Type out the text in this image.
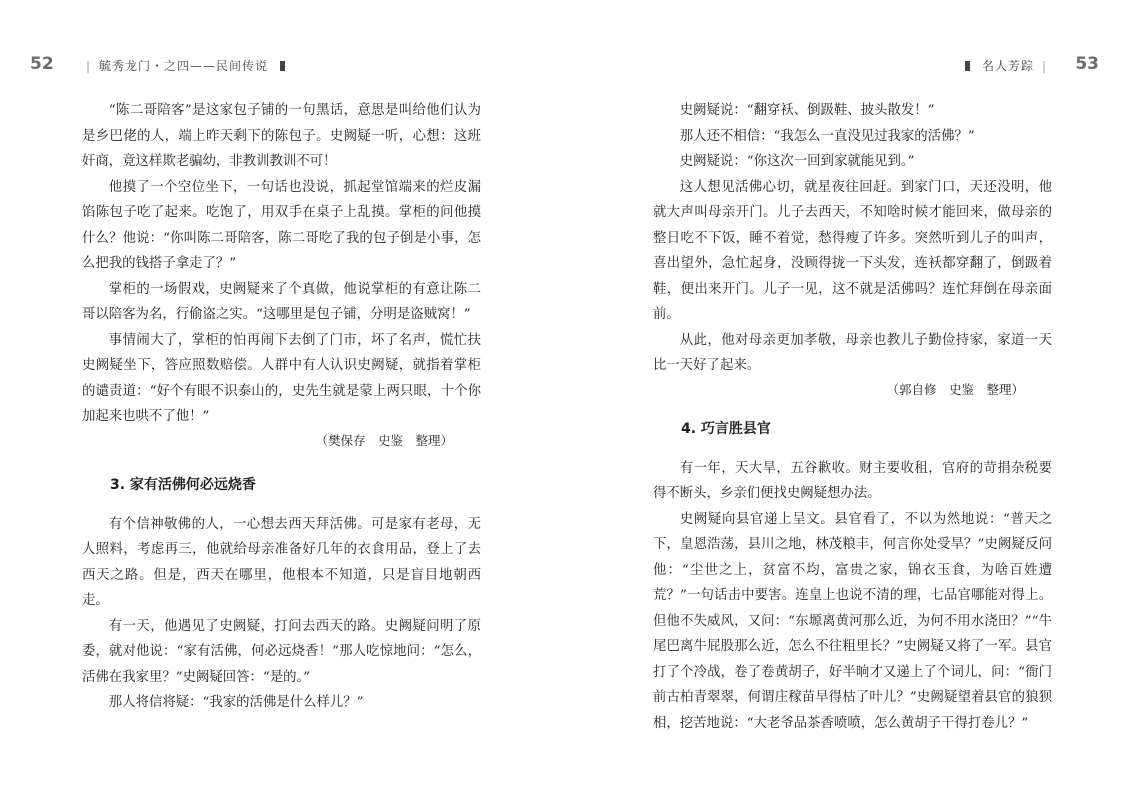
52	| 毓秀龙门・之四——民间传说

“陈二哥陪客”是这家包子铺的一句黑话，意思是叫给他们认为是乡巴佬的人，端上昨天剩下的陈包子。史阙疑一听，心想：这班奸商，竟这样欺老骗幼，非教训教训不可！

他摸了一个空位坐下，一句话也没说，抓起堂馆端来的烂皮漏馅陈包子吃了起来。吃饱了，用双手在桌子上乱摸。掌柜的问他摸什么？他说：“你叫陈二哥陪客，陈二哥吃了我的包子倒是小事，怎么把我的钱搭子拿走了？”

掌柜的一场假戏，史阙疑来了个真做，他说掌柜的有意让陈二哥以陪客为名，行偷盗之实。“这哪里是包子铺，分明是盗贼窝！”

事情闹大了，掌柜的怕再闹下去倒了门市，坏了名声，慌忙扶史阙疑坐下，答应照数赔偿。人群中有人认识史阙疑，就指着掌柜的谴责道：“好个有眼不识泰山的，史先生就是蒙上两只眼，十个你加起来也哄不了他！”

（樊保存　史鉴　整理）

3. 家有活佛何必远烧香

有个信神敬佛的人，一心想去西天拜活佛。可是家有老母，无人照料，考虑再三，他就给母亲准备好几年的衣食用品，登上了去西天之路。但是，西天在哪里，他根本不知道，只是盲目地朝西走。

有一天，他遇见了史阙疑，打问去西天的路。史阙疑问明了原委，就对他说：“家有活佛，何必远烧香！”那人吃惊地问：“怎么，活佛在我家里？”史阙疑回答：“是的。”

那人将信将疑：“我家的活佛是什么样儿？”

名人芳踪 |	53

史阙疑说：“翻穿袄、倒趿鞋、披头散发！”

那人还不相信：“我怎么一直没见过我家的活佛？”

史阙疑说：“你这次一回到家就能见到。”

这人想见活佛心切，就星夜往回赶。到家门口，天还没明，他就大声叫母亲开门。儿子去西天，不知啥时候才能回来，做母亲的整日吃不下饭，睡不着觉，愁得瘦了许多。突然听到儿子的叫声，喜出望外，急忙起身，没顾得拢一下头发，连袄都穿翻了，倒趿着鞋，便出来开门。儿子一见，这不就是活佛吗？连忙拜倒在母亲面前。

从此，他对母亲更加孝敬，母亲也教儿子勤俭持家，家道一天比一天好了起来。

（郭自修　史鉴　整理）

4. 巧言胜县官

有一年，天大旱，五谷歉收。财主要收租，官府的苛捐杂税要得不断头，乡亲们便找史阙疑想办法。

史阙疑向县官递上呈文。县官看了，不以为然地说：“普天之下，皇恩浩荡，县川之地，林茂粮丰，何言你处受旱？”史阙疑反问他：“尘世之上，贫富不均，富贵之家，锦衣玉食，为啥百姓遭荒？”一句话击中要害。连皇上也说不清的理，七品官哪能对得上。但他不失威风，又问：“东塬离黄河那么近，为何不用水浇田？”“牛尾巴离牛屁股那么近，怎么不往粗里长？”史阙疑又将了一军。县官打了个冷战，卷了卷黄胡子，好半晌才又递上了个词儿，问：“衙门前古柏青翠翠，何谓庄稼苗早得枯了叶儿？”史阙疑望着县官的狼狈相，挖苦地说：“大老爷品茶香喷喷，怎么黄胡子干得打卷儿？”
